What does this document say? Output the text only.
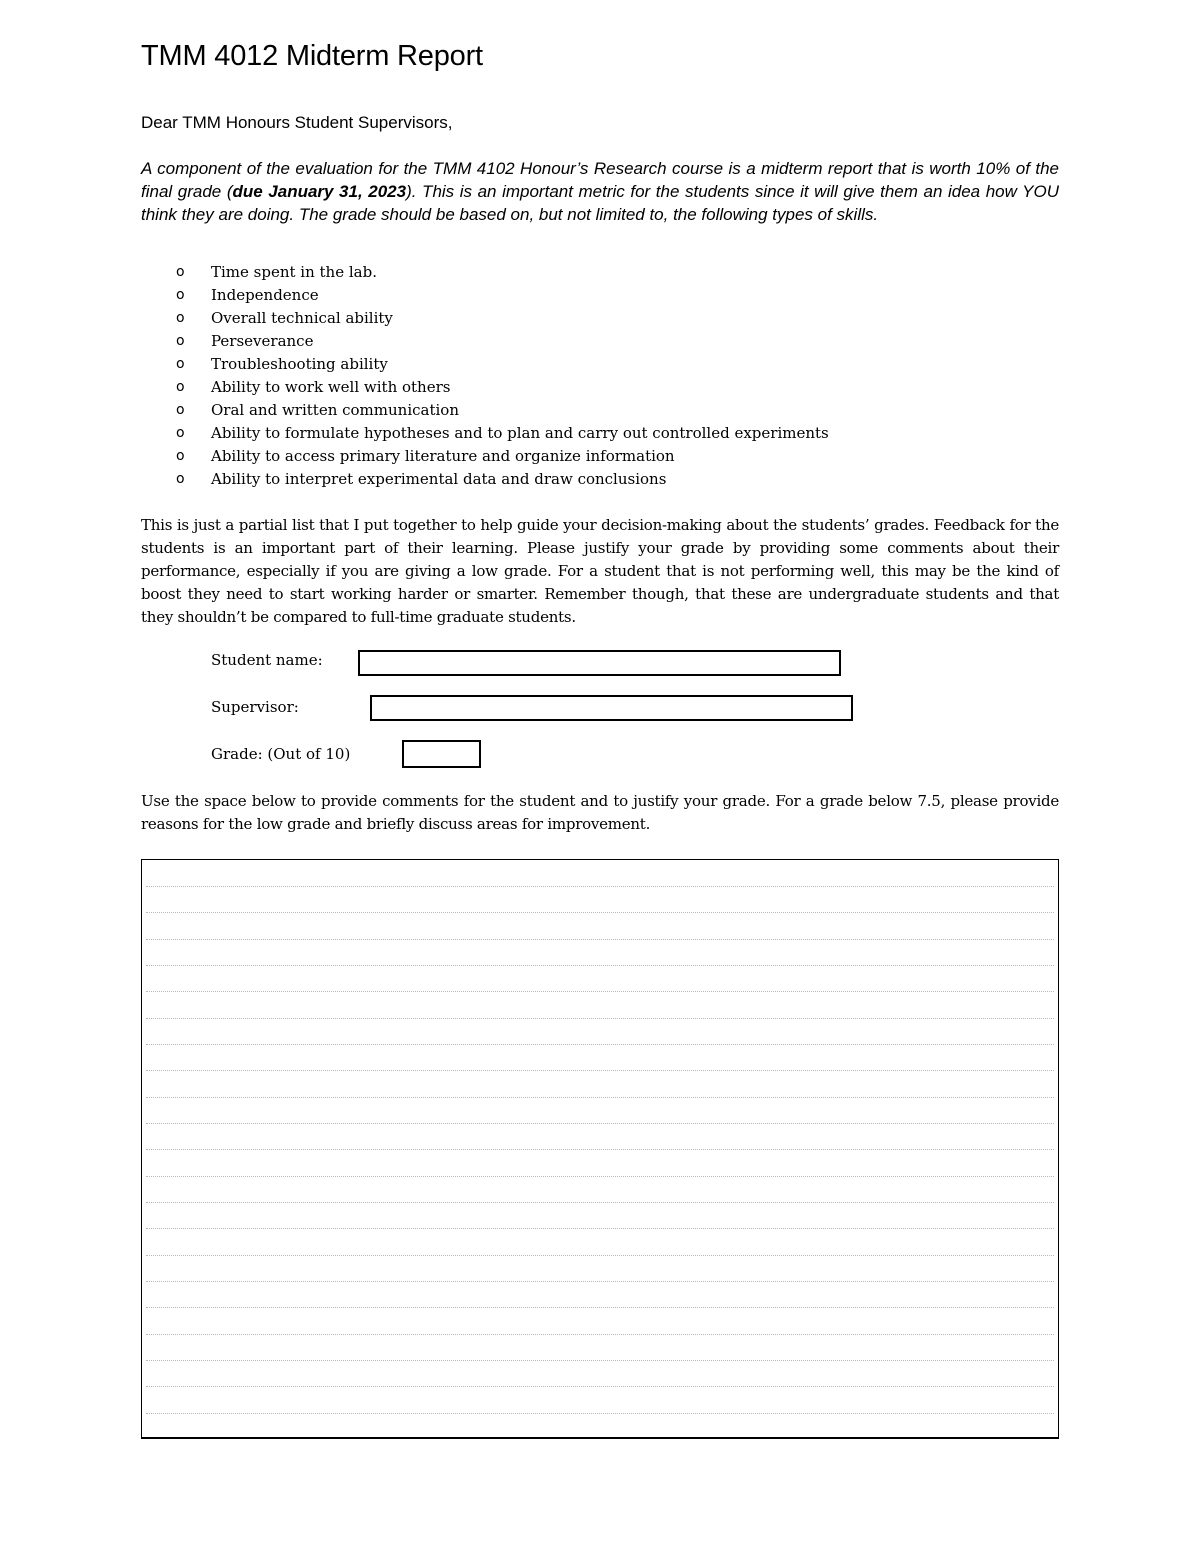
TMM 4012 Midterm Report
Dear TMM Honours Student Supervisors,

A component of the evaluation for the TMM 4102 Honour’s Research course is a midterm report that is worth 10% of the final grade (due January 31, 2023). This is an important metric for the students since it will give them an idea how YOU think they are doing. The grade should be based on, but not limited to, the following types of skills.

o Time spent in the lab.
o Independence
o Overall technical ability
o Perseverance
o Troubleshooting ability
o Ability to work well with others
o Oral and written communication
o Ability to formulate hypotheses and to plan and carry out controlled experiments
o Ability to access primary literature and organize information
o Ability to interpret experimental data and draw conclusions

This is just a partial list that I put together to help guide your decision-making about the students’ grades. Feedback for the students is an important part of their learning. Please justify your grade by providing some comments about their performance, especially if you are giving a low grade. For a student that is not performing well, this may be the kind of boost they need to start working harder or smarter. Remember though, that these are undergraduate students and that they shouldn’t be compared to full-time graduate students.

Student name:
Supervisor:
Grade: (Out of 10)

Use the space below to provide comments for the student and to justify your grade. For a grade below 7.5, please provide reasons for the low grade and briefly discuss areas for improvement.
